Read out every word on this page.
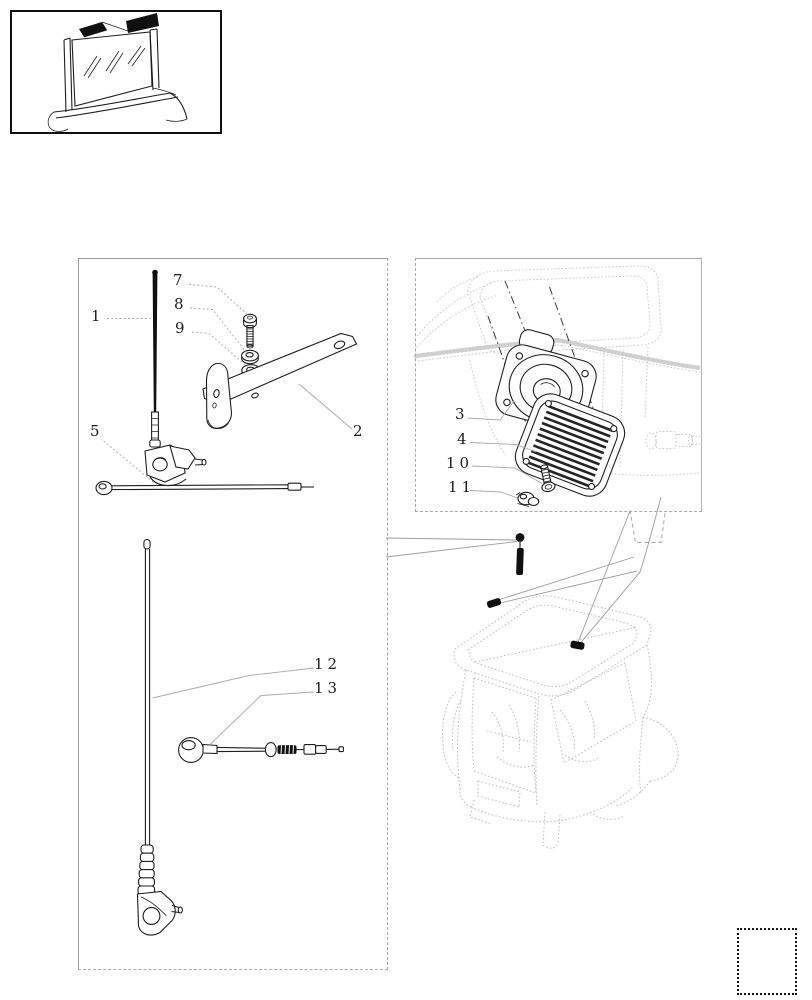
1
7
8
9
2
5
12
13
3
4
10
11
